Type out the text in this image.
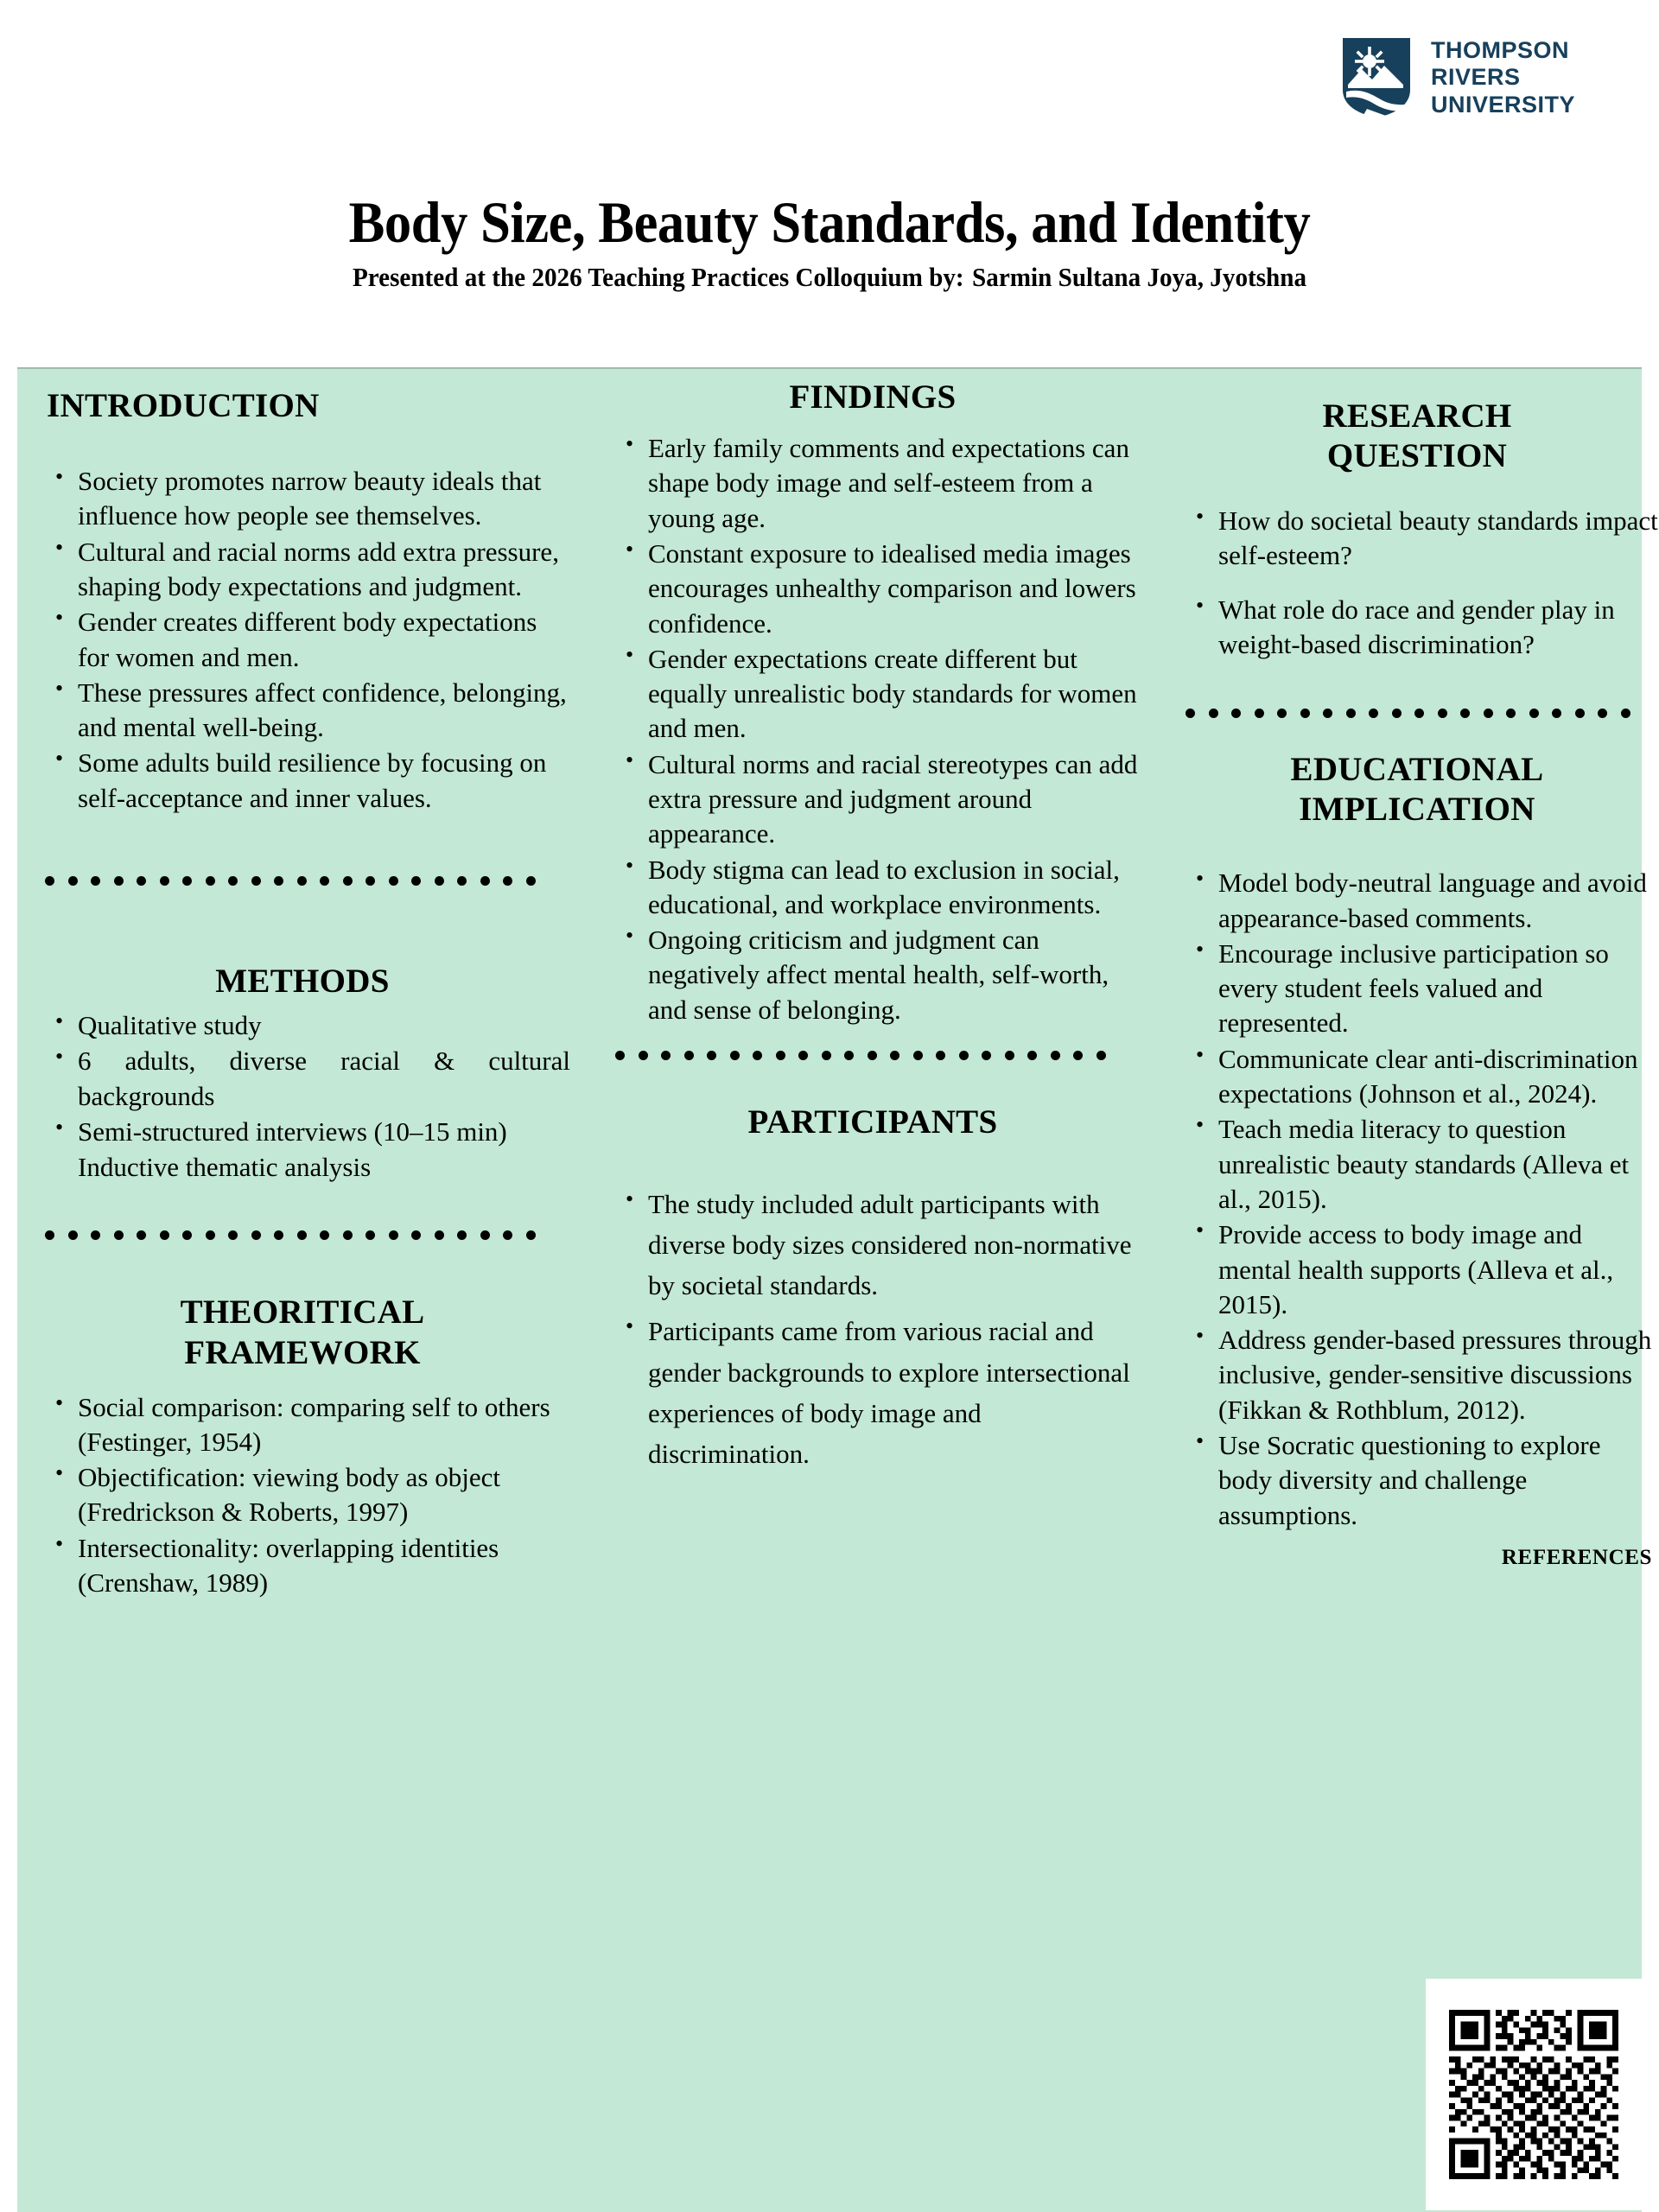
THOMPSON
RIVERS
UNIVERSITY
Body Size, Beauty Standards, and Identity
Presented at the 2026 Teaching Practices Colloquium by: Sarmin Sultana Joya, Jyotshna
INTRODUCTION
• Society promotes narrow beauty ideals that influence how people see themselves.
• Cultural and racial norms add extra pressure, shaping body expectations and judgment.
• Gender creates different body expectations for women and men.
• These pressures affect confidence, belonging, and mental well-being.
• Some adults build resilience by focusing on self-acceptance and inner values.
METHODS
• Qualitative study
• 6 adults, diverse racial & cultural backgrounds
• Semi-structured interviews (10–15 min)
Inductive thematic analysis
THEORITICAL
FRAMEWORK
• Social comparison: comparing self to others (Festinger, 1954)
• Objectification: viewing body as object (Fredrickson & Roberts, 1997)
• Intersectionality: overlapping identities (Crenshaw, 1989)
FINDINGS
• Early family comments and expectations can shape body image and self-esteem from a young age.
• Constant exposure to idealised media images encourages unhealthy comparison and lowers confidence.
• Gender expectations create different but equally unrealistic body standards for women and men.
• Cultural norms and racial stereotypes can add extra pressure and judgment around appearance.
• Body stigma can lead to exclusion in social, educational, and workplace environments.
• Ongoing criticism and judgment can negatively affect mental health, self-worth, and sense of belonging.
PARTICIPANTS
• The study included adult participants with diverse body sizes considered non-normative by societal standards.
• Participants came from various racial and gender backgrounds to explore intersectional experiences of body image and discrimination.
RESEARCH
QUESTION
• How do societal beauty standards impact self-esteem?
• What role do race and gender play in weight-based discrimination?
EDUCATIONAL
IMPLICATION
• Model body-neutral language and avoid appearance-based comments.
• Encourage inclusive participation so every student feels valued and represented.
• Communicate clear anti-discrimination expectations (Johnson et al., 2024).
• Teach media literacy to question unrealistic beauty standards (Alleva et al., 2015).
• Provide access to body image and mental health supports (Alleva et al., 2015).
• Address gender-based pressures through inclusive, gender-sensitive discussions (Fikkan & Rothblum, 2012).
• Use Socratic questioning to explore body diversity and challenge assumptions.
REFERENCES
